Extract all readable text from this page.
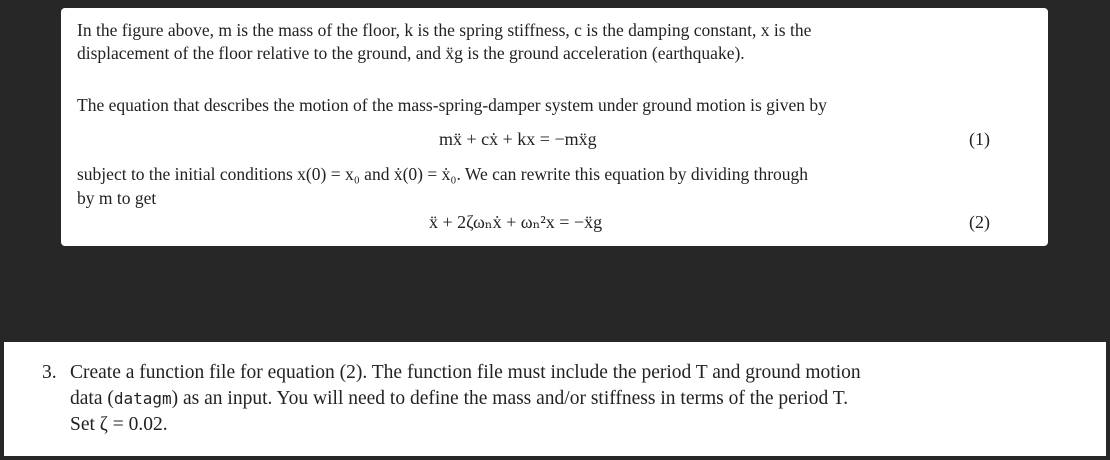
In the figure above, m is the mass of the floor, k is the spring stiffness, c is the damping constant, x is the
displacement of the floor relative to the ground, and ẍg is the ground acceleration (earthquake).
The equation that describes the motion of the mass-spring-damper system under ground motion is given by
mẍ + cẋ + kx = −mẍg	(1)
subject to the initial conditions x(0) = x₀ and ẋ(0) = ẋ₀. We can rewrite this equation by dividing through
by m to get
ẍ + 2ζωₙẋ + ωₙ²x = −ẍg	(2)
3. Create a function file for equation (2). The function file must include the period T and ground motion
data (datagm) as an input. You will need to define the mass and/or stiffness in terms of the period T.
Set ζ = 0.02.
